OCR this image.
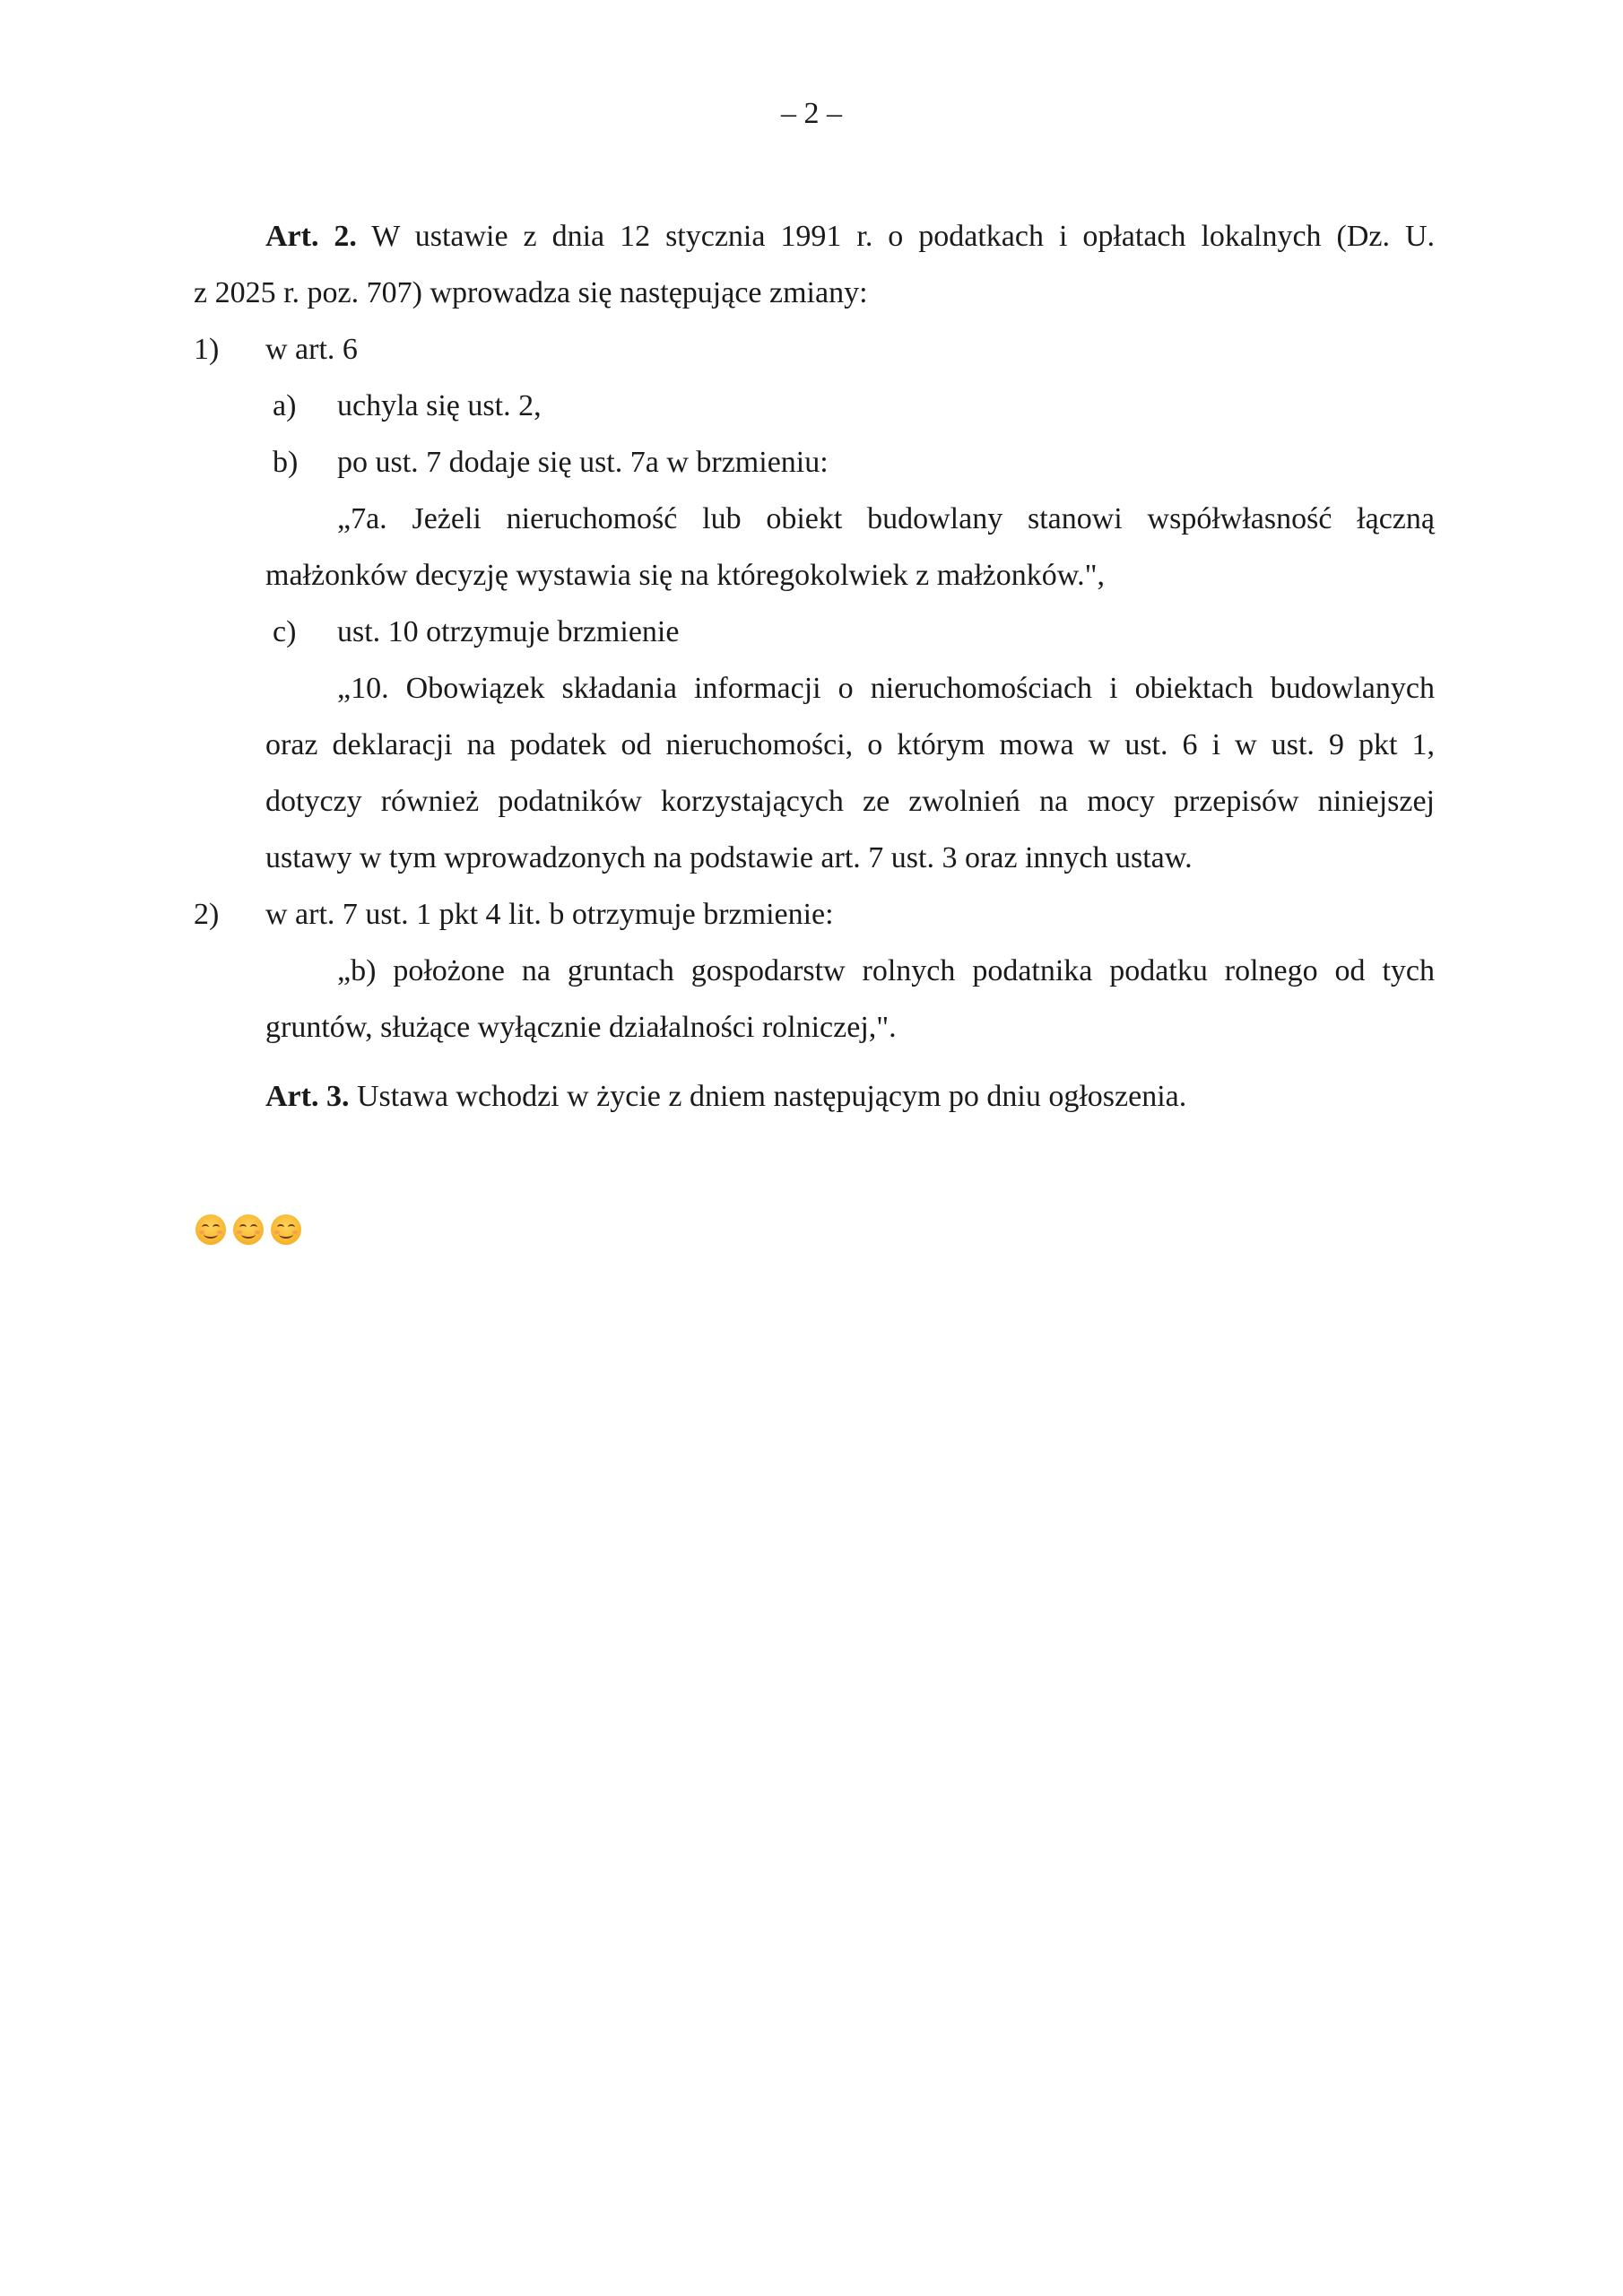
– 2 –
Art. 2. W ustawie z dnia 12 stycznia 1991 r. o podatkach i opłatach lokalnych (Dz. U.
z 2025 r. poz. 707) wprowadza się następujące zmiany:
1) w art. 6
a) uchyla się ust. 2,
b) po ust. 7 dodaje się ust. 7a w brzmieniu:
„7a. Jeżeli nieruchomość lub obiekt budowlany stanowi współwłasność łączną
małżonków decyzję wystawia się na któregokolwiek z małżonków.",
c) ust. 10 otrzymuje brzmienie
„10. Obowiązek składania informacji o nieruchomościach i obiektach budowlanych
oraz deklaracji na podatek od nieruchomości, o którym mowa w ust. 6 i w ust. 9 pkt 1,
dotyczy również podatników korzystających ze zwolnień na mocy przepisów niniejszej
ustawy w tym wprowadzonych na podstawie art. 7 ust. 3 oraz innych ustaw.
2) w art. 7 ust. 1 pkt 4 lit. b otrzymuje brzmienie:
„b) położone na gruntach gospodarstw rolnych podatnika podatku rolnego od tych
gruntów, służące wyłącznie działalności rolniczej,".
Art. 3. Ustawa wchodzi w życie z dniem następującym po dniu ogłoszenia.
